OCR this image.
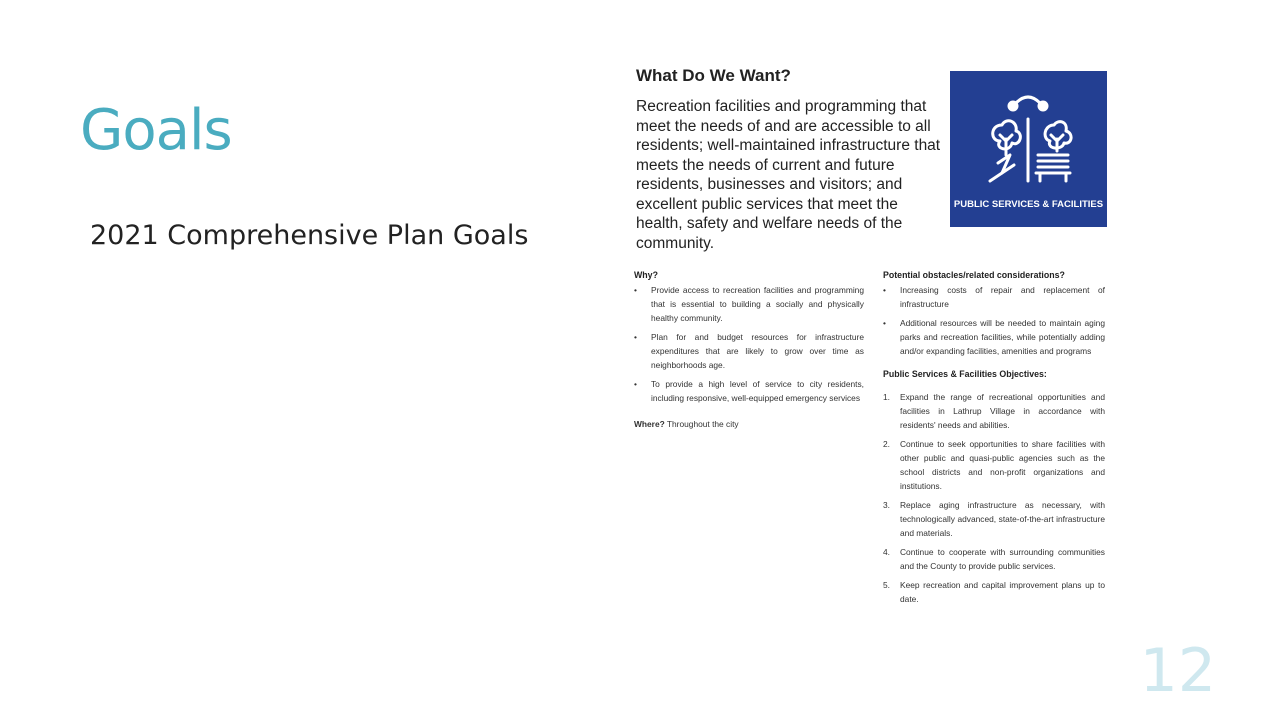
Goals

2021 Comprehensive Plan Goals

What Do We Want?

Recreation facilities and programming that meet the needs of and are accessible to all residents; well-maintained infrastructure that meets the needs of current and future residents, businesses and visitors; and excellent public services that meet the health, safety and welfare needs of the community.

PUBLIC SERVICES & FACILITIES
Why?
• Provide access to recreation facilities and programming that is essential to building a socially and physically healthy community.
• Plan for and budget resources for infrastructure expenditures that are likely to grow over time as neighborhoods age.
• To provide a high level of service to city residents, including responsive, well-equipped emergency services
Where? Throughout the city
Potential obstacles/related considerations?
• Increasing costs of repair and replacement of infrastructure
• Additional resources will be needed to maintain aging parks and recreation facilities, while potentially adding and/or expanding facilities, amenities and programs
Public Services & Facilities Objectives:
1. Expand the range of recreational opportunities and facilities in Lathrup Village in accordance with residents' needs and abilities.
2. Continue to seek opportunities to share facilities with other public and quasi-public agencies such as the school districts and non-profit organizations and institutions.
3. Replace aging infrastructure as necessary, with technologically advanced, state-of-the-art infrastructure and materials.
4. Continue to cooperate with surrounding communities and the County to provide public services.
5. Keep recreation and capital improvement plans up to date.
12
